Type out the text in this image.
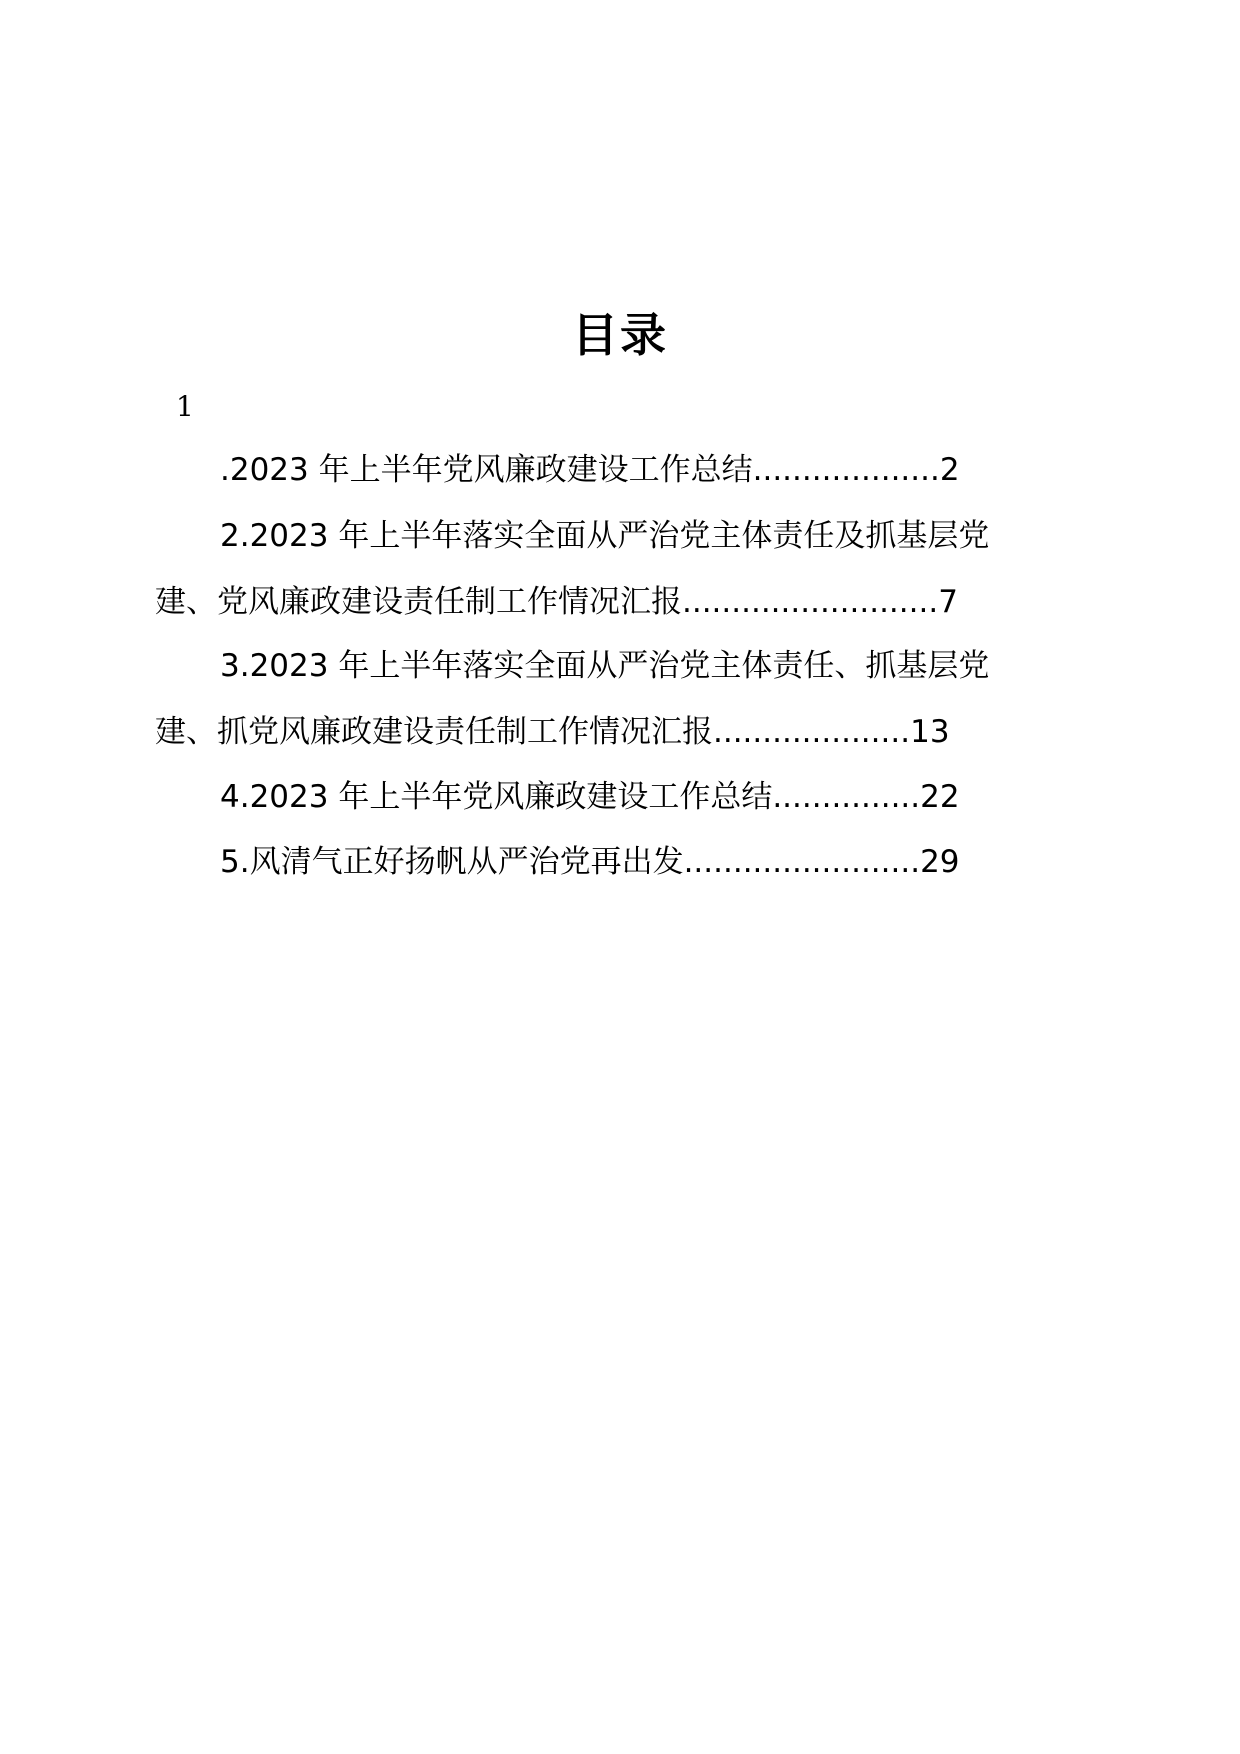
目录
1
.2023 年上半年党风廉政建设工作总结...................2
2.2023 年上半年落实全面从严治党主体责任及抓基层党
建、党风廉政建设责任制工作情况汇报..........................7
3.2023 年上半年落实全面从严治党主体责任、抓基层党
建、抓党风廉政建设责任制工作情况汇报....................13
4.2023 年上半年党风廉政建设工作总结...............22
5.风清气正好扬帆从严治党再出发........................29
